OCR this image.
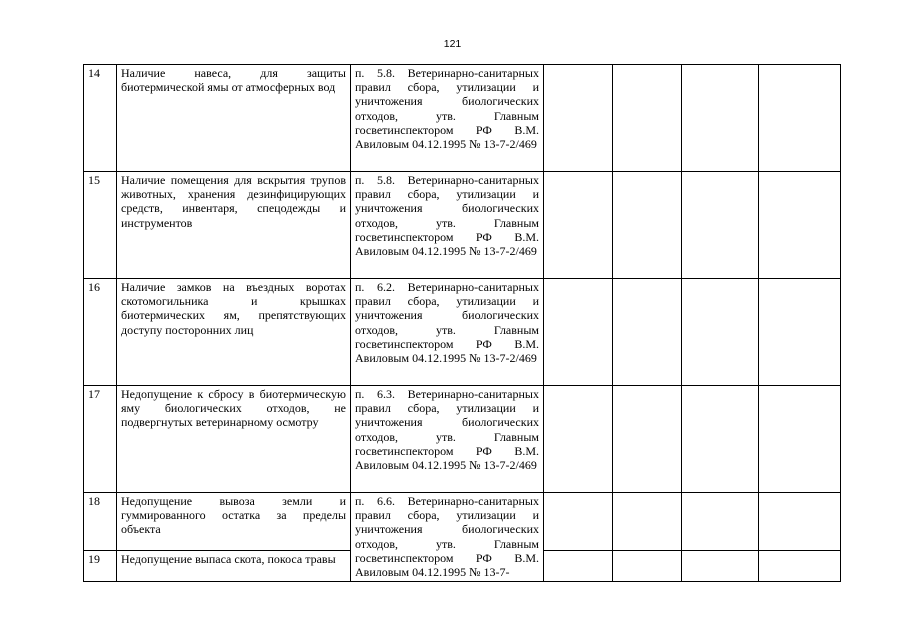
121
14	Наличие навеса, для защиты биотермической ямы от атмосферных вод	п. 5.8. Ветеринарно-санитарных правил сбора, утилизации и уничтожения биологических отходов, утв. Главным госветинспектором РФ В.М. Авиловым 04.12.1995 № 13-7-2/469				
15	Наличие помещения для вскрытия трупов животных, хранения дезинфицирующих средств, инвентаря, спецодежды и инструментов	п. 5.8. Ветеринарно-санитарных правил сбора, утилизации и уничтожения биологических отходов, утв. Главным госветинспектором РФ В.М. Авиловым 04.12.1995 № 13-7-2/469				
16	Наличие замков на въездных воротах скотомогильника и крышках биотермических ям, препятствующих доступу посторонних лиц	п. 6.2. Ветеринарно-санитарных правил сбора, утилизации и уничтожения биологических отходов, утв. Главным госветинспектором РФ В.М. Авиловым 04.12.1995 № 13-7-2/469				
17	Недопущение к сбросу в биотермическую яму биологических отходов, не подвергнутых ветеринарному осмотру	п. 6.3. Ветеринарно-санитарных правил сбора, утилизации и уничтожения биологических отходов, утв. Главным госветинспектором РФ В.М. Авиловым 04.12.1995 № 13-7-2/469				
18	Недопущение вывоза земли и гуммированного остатка за пределы объекта	п. 6.6. Ветеринарно-санитарных правил сбора, утилизации и уничтожения биологических отходов, утв. Главным госветинспектором РФ В.М. Авиловым 04.12.1995 № 13-7-				
19	Недопущение выпаса скота, покоса травы					
